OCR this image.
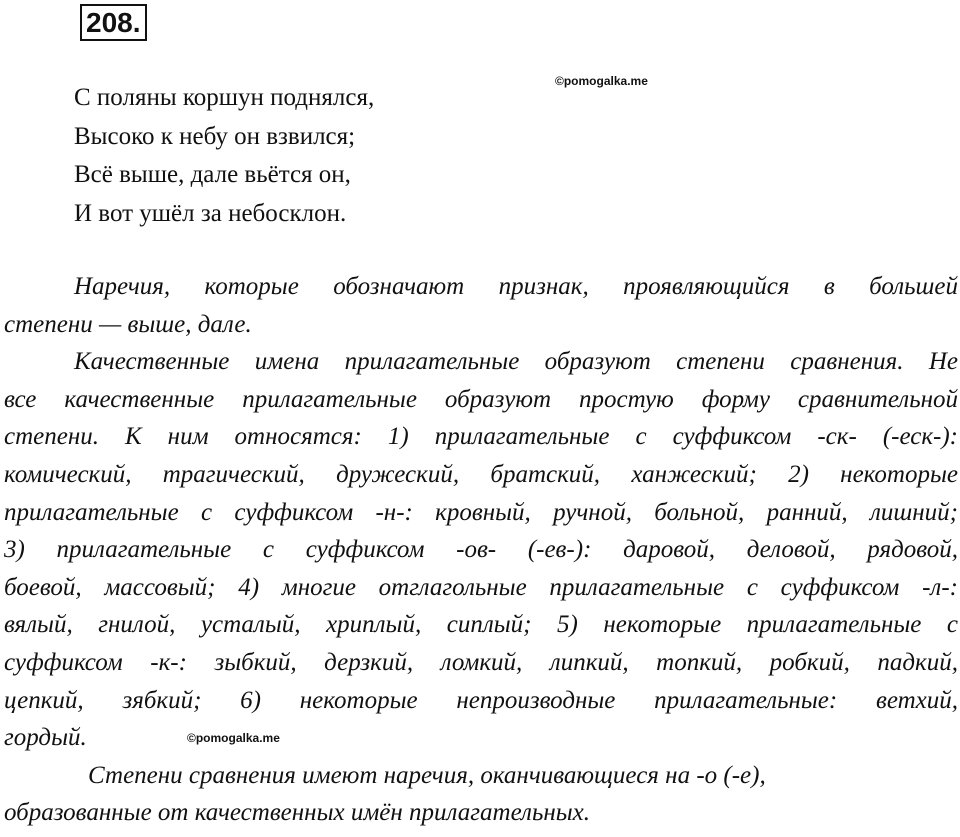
208.
©pomogalka.me
С поляны коршун поднялся,
Высоко к небу он взвился;
Всё выше, дале вьётся он,
И вот ушёл за небосклон.
Наречия, которые обозначают признак, проявляющийся в большей
степени — выше, дале.
Качественные имена прилагательные образуют степени сравнения. Не
все качественные прилагательные образуют простую форму сравнительной
степени. К ним относятся: 1) прилагательные с суффиксом -ск- (-еск-):
комический, трагический, дружеский, братский, ханжеский; 2) некоторые
прилагательные с суффиксом -н-: кровный, ручной, больной, ранний, лишний;
3) прилагательные с суффиксом -ов- (-ев-): даровой, деловой, рядовой,
боевой, массовый; 4) многие отглагольные прилагательные с суффиксом -л-:
вялый, гнилой, усталый, хриплый, сиплый; 5) некоторые прилагательные с
суффиксом -к-: зыбкий, дерзкий, ломкий, липкий, топкий, робкий, падкий,
цепкий, зябкий; 6) некоторые непроизводные прилагательные: ветхий,
гордый.
Степени сравнения имеют наречия, оканчивающиеся на -о (-е),
образованные от качественных имён прилагательных.
©pomogalka.me
